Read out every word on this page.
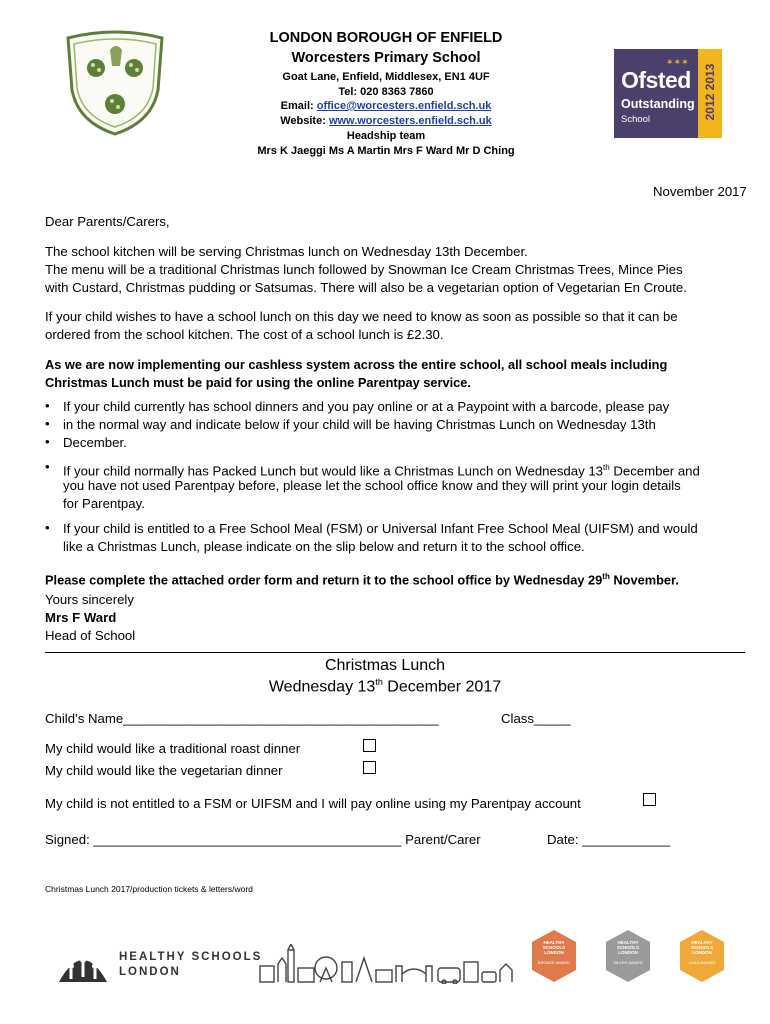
LONDON BOROUGH OF ENFIELD
Worcesters Primary School
Goat Lane, Enfield, Middlesex, EN1 4UF
Tel: 020 8363 7860
Email: office@worcesters.enfield.sch.uk
Website: www.worcesters.enfield.sch.uk
Headship team
Mrs K Jaeggi Ms A Martin Mrs F Ward Mr D Ching
2012 2013
Ofsted
✶✶✶
Outstanding
School
November 2017
Dear Parents/Carers,
The school kitchen will be serving Christmas lunch on Wednesday 13th December.
The menu will be a traditional Christmas lunch followed by Snowman Ice Cream Christmas Trees, Mince Pies
with Custard, Christmas pudding or Satsumas. There will also be a vegetarian option of Vegetarian En Croute.
If your child wishes to have a school lunch on this day we need to know as soon as possible so that it can be
ordered from the school kitchen. The cost of a school lunch is £2.30.
As we are now implementing our cashless system across the entire school, all school meals including
Christmas Lunch must be paid for using the online Parentpay service.
•
•
•
If your child currently has school dinners and you pay online or at a Paypoint with a barcode, please pay
in the normal way and indicate below if your child will be having Christmas Lunch on Wednesday 13th
December.
• If your child normally has Packed Lunch but would like a Christmas Lunch on Wednesday 13th December and
you have not used Parentpay before, please let the school office know and they will print your login details
for Parentpay.
• If your child is entitled to a Free School Meal (FSM) or Universal Infant Free School Meal (UIFSM) and would
like a Christmas Lunch, please indicate on the slip below and return it to the school office.
Please complete the attached order form and return it to the school office by Wednesday 29th November.
Yours sincerely
Mrs F Ward
Head of School
Christmas Lunch
Wednesday 13th December 2017
Child’s Name___________________________________________	Class_____
My child would like a traditional roast dinner
My child would like the vegetarian dinner
My child is not entitled to a FSM or UIFSM and I will pay online using my Parentpay account
Signed: __________________________________________ Parent/Carer	Date: ____________
Christmas Lunch 2017/production tickets & letters/word
HEALTHY SCHOOLS
LONDON
HEALTHY SCHOOLS LONDON
BRONZE AWARD
HEALTHY SCHOOLS LONDON
SILVER AWARD
HEALTHY SCHOOLS LONDON
GOLD AWARD
